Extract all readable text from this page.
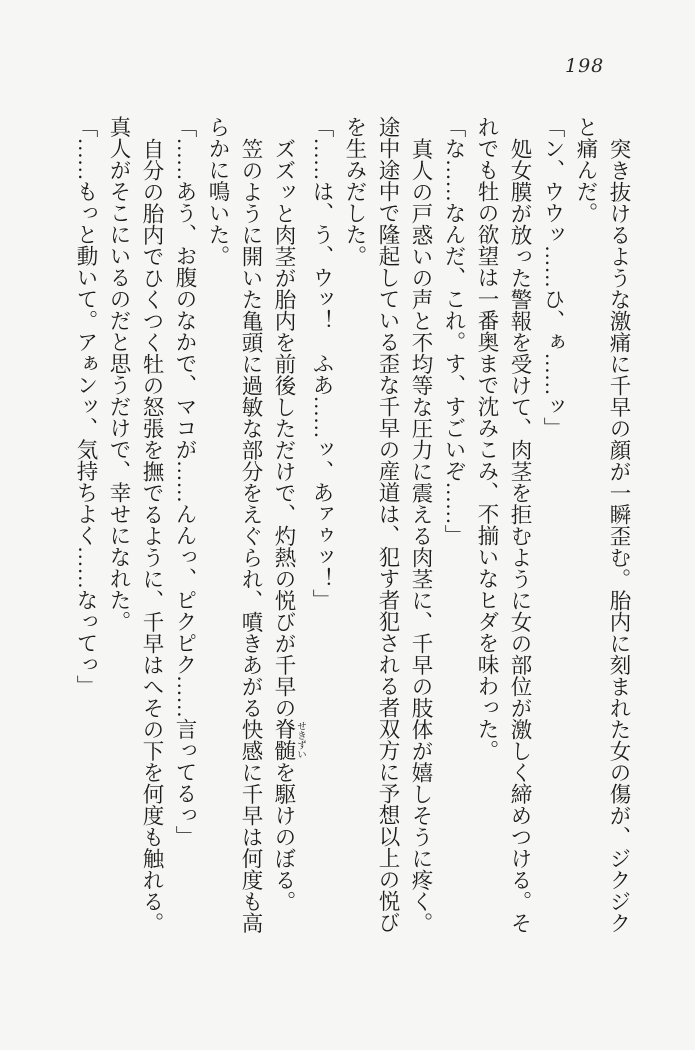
198
突き抜けるような激痛に千早の顔が一瞬歪む。胎内に刻まれた女の傷が、ジクジク
と痛んだ。
「ン、ウウッ……ひ、ぁ……ッ」
処女膜が放った警報を受けて、肉茎を拒むように女の部位が激しく締めつける。そ
れでも牡の欲望は一番奥まで沈みこみ、不揃いなヒダを味わった。
「な……なんだ、これ。す、すごいぞ……」
真人の戸惑いの声と不均等な圧力に震える肉茎に、千早の肢体が嬉しそうに疼く。
途中途中で隆起している歪な千早の産道は、犯す者犯される者双方に予想以上の悦び
を生みだした。
「……は、う、ウッ！　ふあ……ッ、あァゥッ！」
ズズッと肉茎が胎内を前後しただけで、灼熱の悦びが千早の脊髄 せきずいを駆けのぼる。
笠のように開いた亀頭に過敏な部分をえぐられ、噴きあがる快感に千早は何度も高
らかに鳴いた。
「……あう、お腹のなかで、マコが……んんっ、ピクピク……言ってるっ」
自分の胎内でひくつく牡の怒張を撫でるように、千早はへその下を何度も触れる。
真人がそこにいるのだと思うだけで、幸せになれた。
「……もっと動いて。アぁンッ、気持ちよく……なってっ」
